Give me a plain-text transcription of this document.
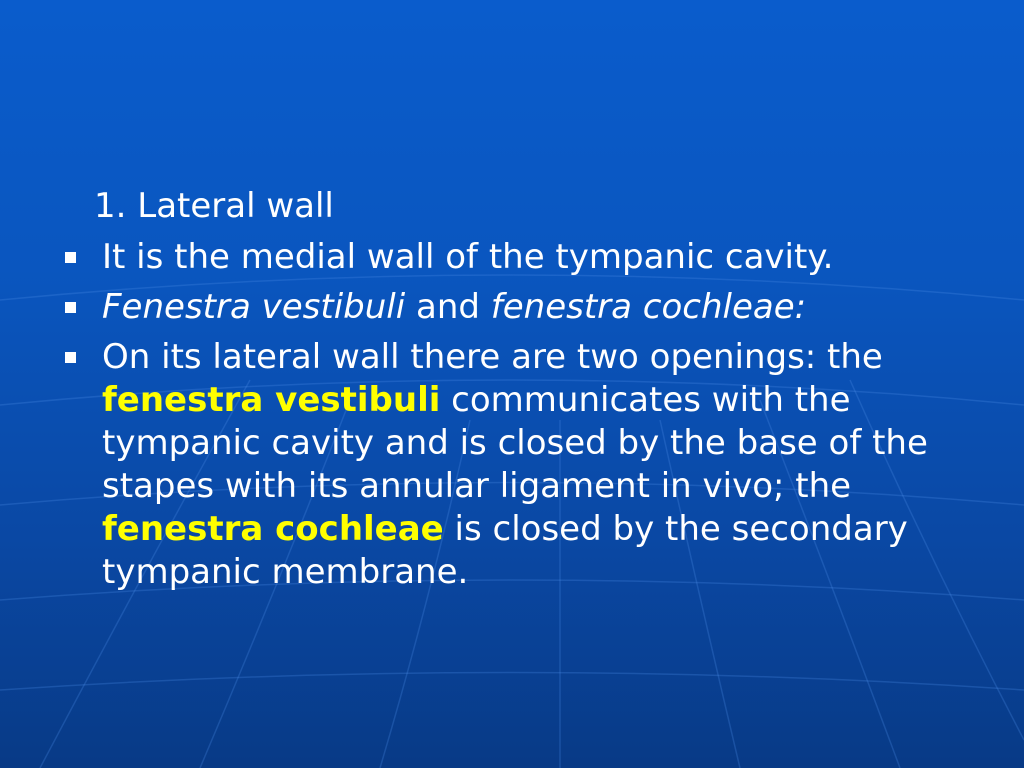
1. Lateral wall
It is the medial wall of the tympanic cavity.
Fenestra vestibuli and fenestra cochleae:
On its lateral wall there are two openings: the fenestra vestibuli communicates with the tympanic cavity and is closed by the base of the stapes with its annular ligament in vivo; the fenestra cochleae is closed by the secondary tympanic membrane.
